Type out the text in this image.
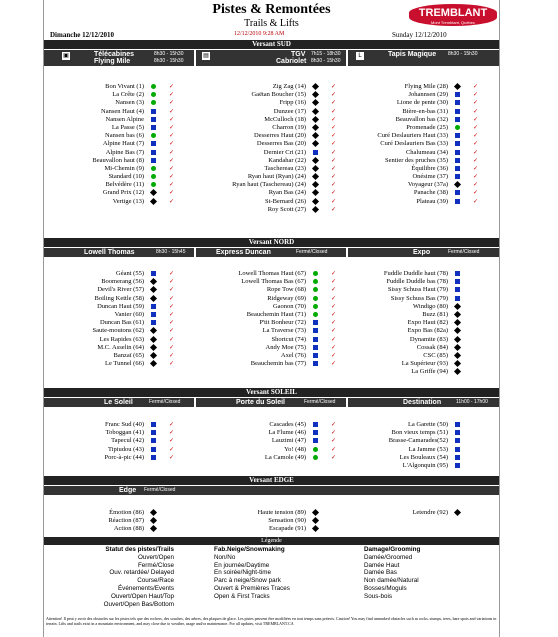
Pistes & Remontées
Trails & Lifts
TREMBLANT
Mont Tremblant, Québec
Dimanche 12/12/2010	12/12/2010 9:28 AM	Sunday 12/12/2010
Versant SUD
▣	Télécabines	8h30 - 15h30
Flying Mile	8h30 - 15h30
▤	TGV 7h15 - 18h30
Cabriolet 8h30 - 15h30
L	Tapis Magique 8h30 - 15h30
Bon Vivant (1)	✓
La Crête (2)	✓
Nansen (3)	✓
Nansen Haut (4)	✓
Nansen Alpine	✓
La Passe (5)	✓
Nansen bas (6)	✓
Alpine Haut (7)	✓
Alpine Bas (7)	✓
Beauvallon haut (8)	✓
Mi-Chemin (9)	✓
Standard (10)	✓
Belvédère (11)	✓
Grand Prix (12)	✓
Vertige (13)	✓
Zig Zag (14)	✓
Gaëtan Boucher (15)	✓
Fripp (16)	✓
Dunzee (17)	✓
McCulloch (18)	✓
Charron (19)	✓
Desserres Haut (20)	✓
Desserres Bas (20)	✓
Dernier Cri (21)	✓
Kandahar (22)	✓
Taschereau (23)	✓
Ryan haut (Ryan) (24)	✓
Ryan haut (Taschereau) (24)	✓
Ryan Bas (24)	✓
St-Bernard (26)	✓
Roy Scott (27)	✓
Flying Mile (28)	✓
Johannsen (29)	✓
Lione de pente (30)	✓
Bière-en-bas (31)	✓
Beauvallon bas (32)	✓
Promenade (25)	✓
Curé Deslauriers Haut (33)	✓
Curé Deslauriers Bas (33)	✓
Chalumeau (34)	✓
Sentier des pruches (35)	✓
Équilibre (36)	✓
Onésime (37)	✓
Voyageur (37a)	✓
Panache (38)	✓
Plateau (39)	✓
Versant NORD
Lowell Thomas	8h30 - 15h45	Express Duncan	Fermé/Closed	Expo	Fermé/Closed
Géant (55)	✓
Boomerang (56)	✓
Devil's River (57)	✓
Boiling Kettle (58)	✓
Duncan Haut (59)	✓
Vanier (60)	✓
Duncan Bas (61)	✓
Saute-moutons (62)	✓
Les Rapides (63)	✓
M.C. Asselin (64)	✓
Banzaï (65)	✓
Le Tunnel (66)	✓
Lowell Thomas Haut (67)	✓
Lowell Thomas Bas (67)	✓
Rope Tow (68)	✓
Ridgeway (69)	✓
Gaonon (70)	✓
Beauchemin Haut (71)	✓
P'tit Bonheur (72)	✓
La Traverse (73)	✓
Shortcut (74)	✓
Andy Moe (75)	✓
Axel (76)	✓
Beauchemin bas (77)	✓
Fuddle Duddle haut (78)
Fuddle Duddle bas (78)
Sissy Schuss Haut (79)
Sissy Schuss Bas (79)
Windigo (80)
Buzz (81)
Expo Haut (82)
Expo Bas (82a)
Dynamite (83)
Cossak (84)
CSC (85)
La Supérieur (93)
La Griffe (94)
Versant SOLEIL
Le Soleil	Fermé/Closed	Porte du Soleil	Fermé/Closed	Destination	11h00 - 17h00
Franc Sud (40)	✓
Toboggan (41)	✓
Tapecul (42)	✓
Tipiudou (43)	✓
Porc-à-pic (44)	✓
Cascades (45)	✓
La Flume (46)	✓
Lauzimi (47)	✓
Yo! (48)	✓
La Camole (49)	✓
La Garette (50)
Bon vieux temps (51)
Brasse-Camarades(52)
La Jamme (53)
Les Bouleaux (54)
L'Algonquin (95)
Versant EDGE
Edge Fermé/Closed
Émotion (86)
Réaction (87)
Action (88)
Haute tension (89)
Sensation (90)
Escapade (91)
Letendre (92)
Légende
Statut des pistes/Trails
Ouvert/Open
Fermé/Close
Ouv. retardée/ Delayed
Course/Race
Événements/Events
Ouvert/Open Haut/Top
Ouvert/Open Bas/Bottom
Fab.Neige/Snowmaking
Non/No
En journée/Daytime
En soirée/Night-time
Parc à neige/Snow park
Ouvert & Premières Traces
Open & First Tracks
Damage/Grooming
Damée/Groomed
Damée Haut
Damée Bas
Non damée/Natural
Bosses/Moguls
Sous-bois
Attention! Il peut y avoir des obstacles sur les pistes tels que des rochers, des souches, des arbres, des plaques de glace. Les pistes peuvent être modifiées en tout temps sans préavis. Caution! You may find unmarked obstacles such as rocks, stumps, trees, bare spots and variations in terrain. Lifts and trails exist in a mountain environment, and may close due to weather, usage and/or maintenance. For all updates, visit TREMBLANT.CA
